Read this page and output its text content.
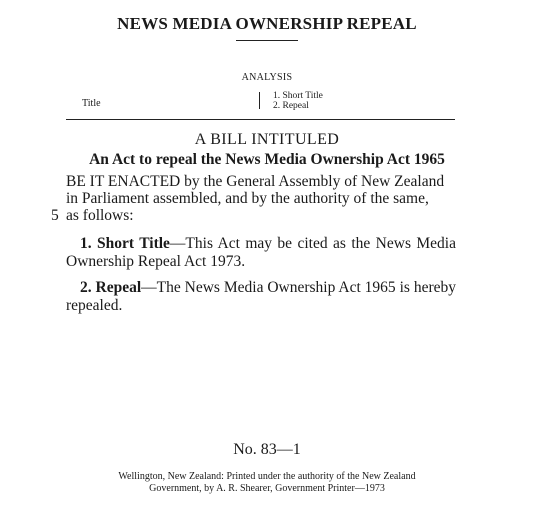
NEWS MEDIA OWNERSHIP REPEAL
ANALYSIS
Title
1. Short Title
2. Repeal
A BILL INTITULED
An Act to repeal the News Media Ownership Act 1965
BE IT ENACTED by the General Assembly of New Zealand
in Parliament assembled, and by the authority of the same,
5 as follows:
1. Short Title—This Act may be cited as the News Media Ownership Repeal Act 1973.
2. Repeal—The News Media Ownership Act 1965 is hereby repealed.
No. 83—1
Wellington, New Zealand: Printed under the authority of the New Zealand
Government, by A. R. Shearer, Government Printer—1973
